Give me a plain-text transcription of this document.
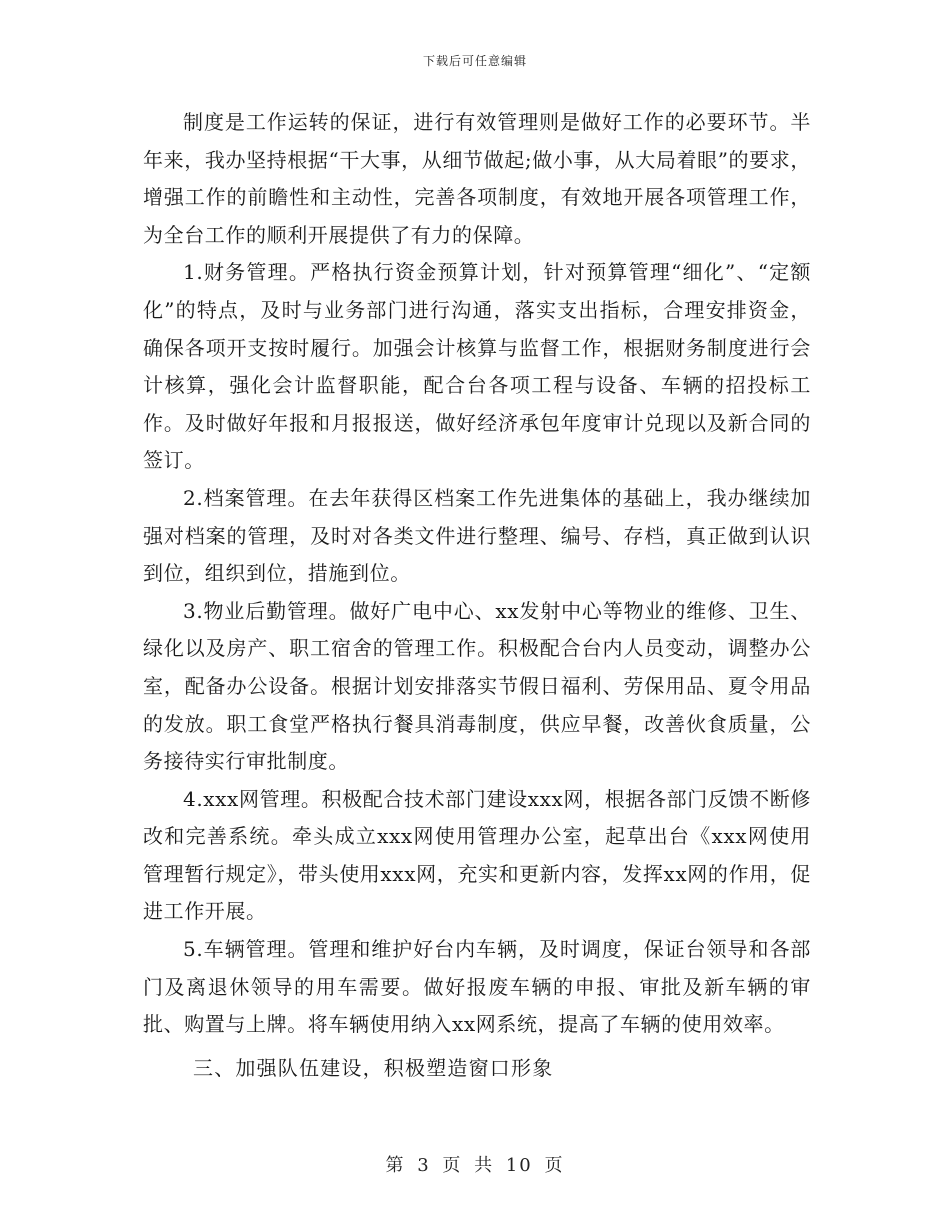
下载后可任意编辑

制度是工作运转的保证，进行有效管理则是做好工作的必要环节。半年来，我办坚持根据“干大事，从细节做起;做小事，从大局着眼”的要求，增强工作的前瞻性和主动性，完善各项制度，有效地开展各项管理工作，为全台工作的顺利开展提供了有力的保障。

1.财务管理。严格执行资金预算计划，针对预算管理“细化”、“定额化”的特点，及时与业务部门进行沟通，落实支出指标，合理安排资金，确保各项开支按时履行。加强会计核算与监督工作，根据财务制度进行会计核算，强化会计监督职能，配合台各项工程与设备、车辆的招投标工作。及时做好年报和月报报送，做好经济承包年度审计兑现以及新合同的签订。

2.档案管理。在去年获得区档案工作先进集体的基础上，我办继续加强对档案的管理，及时对各类文件进行整理、编号、存档，真正做到认识到位，组织到位，措施到位。

3.物业后勤管理。做好广电中心、xx发射中心等物业的维修、卫生、绿化以及房产、职工宿舍的管理工作。积极配合台内人员变动，调整办公室，配备办公设备。根据计划安排落实节假日福利、劳保用品、夏令用品的发放。职工食堂严格执行餐具消毒制度，供应早餐，改善伙食质量，公务接待实行审批制度。

4.xxx网管理。积极配合技术部门建设xxx网，根据各部门反馈不断修改和完善系统。牵头成立xxx网使用管理办公室，起草出台《xxx网使用管理暂行规定》，带头使用xxx网，充实和更新内容，发挥xx网的作用，促进工作开展。

5.车辆管理。管理和维护好台内车辆，及时调度，保证台领导和各部门及离退休领导的用车需要。做好报废车辆的申报、审批及新车辆的审批、购置与上牌。将车辆使用纳入xx网系统，提高了车辆的使用效率。

三、加强队伍建设，积极塑造窗口形象

第 3 页 共 10 页
